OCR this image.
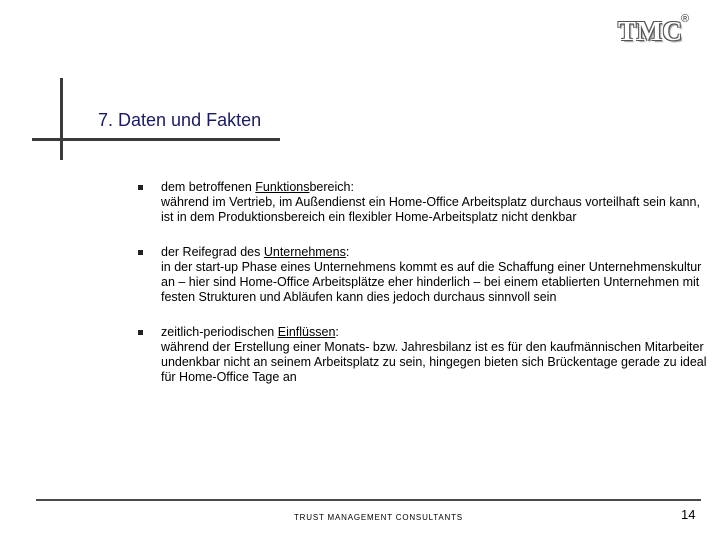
TMC
®
7. Daten und Fakten
dem betroffenen Funktionsbereich:
während im Vertrieb, im Außendienst ein Home-Office Arbeitsplatz durchaus vorteilhaft sein kann, ist in dem Produktionsbereich ein flexibler Home-Arbeitsplatz nicht denkbar
der Reifegrad des Unternehmens:
in der start-up Phase eines Unternehmens kommt es auf die Schaffung einer Unternehmenskultur an – hier sind Home-Office Arbeitsplätze eher hinderlich – bei einem etablierten Unternehmen mit festen Strukturen und Abläufen kann dies jedoch durchaus sinnvoll sein
zeitlich-periodischen Einflüssen:
während der Erstellung einer Monats- bzw. Jahresbilanz ist es für den kaufmännischen Mitarbeiter undenkbar nicht an seinem Arbeitsplatz zu sein, hingegen bieten sich Brückentage gerade zu ideal für Home-Office Tage an
TRUST MANAGEMENT CONSULTANTS	14
